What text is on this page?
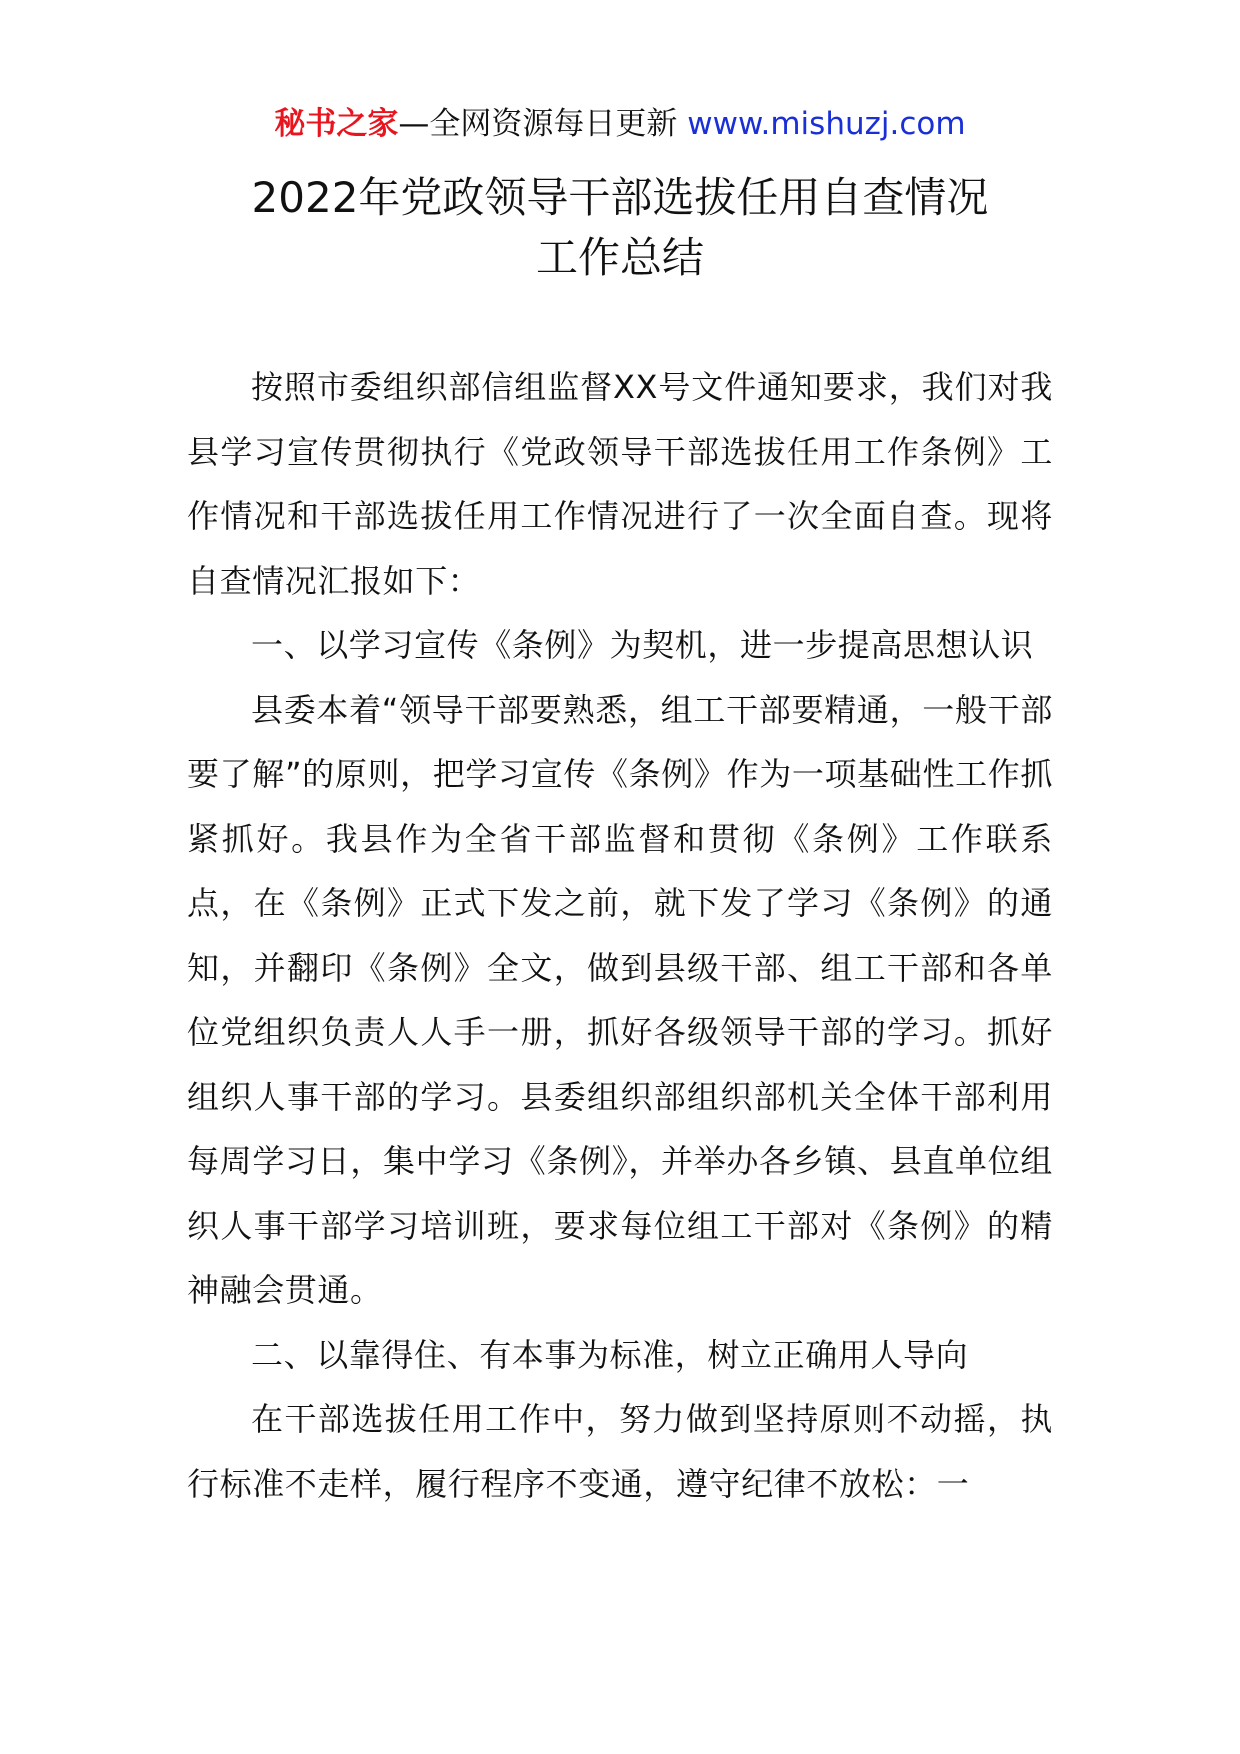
秘书之家—全网资源每日更新 www.mishuzj.com
2022年党政领导干部选拔任用自查情况
工作总结

按照市委组织部信组监督XX号文件通知要求，我们对我县学习宣传贯彻执行《党政领导干部选拔任用工作条例》工作情况和干部选拔任用工作情况进行了一次全面自查。现将自查情况汇报如下：

一、以学习宣传《条例》为契机，进一步提高思想认识

县委本着“领导干部要熟悉，组工干部要精通，一般干部要了解”的原则，把学习宣传《条例》作为一项基础性工作抓紧抓好。我县作为全省干部监督和贯彻《条例》工作联系点，在《条例》正式下发之前，就下发了学习《条例》的通知，并翻印《条例》全文，做到县级干部、组工干部和各单位党组织负责人人手一册，抓好各级领导干部的学习。抓好组织人事干部的学习。县委组织部组织部机关全体干部利用每周学习日，集中学习《条例》，并举办各乡镇、县直单位组织人事干部学习培训班，要求每位组工干部对《条例》的精神融会贯通。

二、以靠得住、有本事为标准，树立正确用人导向

在干部选拔任用工作中，努力做到坚持原则不动摇，执行标准不走样，履行程序不变通，遵守纪律不放松：一
